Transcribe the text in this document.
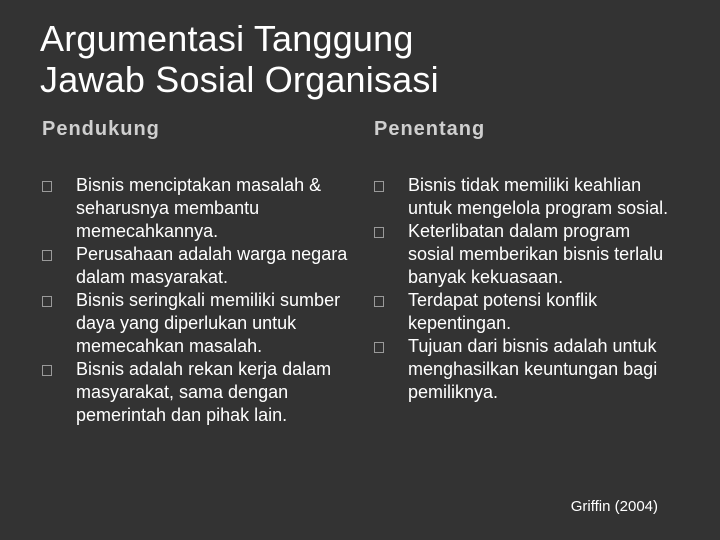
Argumentasi Tanggung
Jawab Sosial Organisasi
Pendukung
Bisnis menciptakan masalah & seharusnya membantu memecahkannya.
Perusahaan adalah warga negara dalam masyarakat.
Bisnis seringkali memiliki sumber daya yang diperlukan untuk memecahkan masalah.
Bisnis adalah rekan kerja dalam masyarakat, sama dengan pemerintah dan pihak lain.
Penentang
Bisnis tidak memiliki keahlian untuk mengelola program sosial.
Keterlibatan dalam program sosial memberikan bisnis terlalu banyak kekuasaan.
Terdapat potensi konflik kepentingan.
Tujuan dari bisnis adalah untuk menghasilkan keuntungan bagi pemiliknya.
Griffin (2004)
